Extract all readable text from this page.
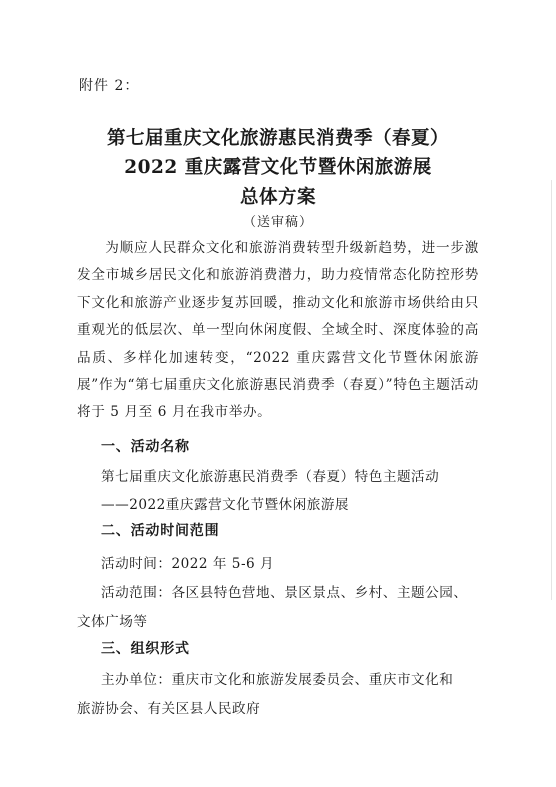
附件 2：
第七届重庆文化旅游惠民消费季（春夏）
2022 重庆露营文化节暨休闲旅游展
总体方案
（送审稿）

为顺应人民群众文化和旅游消费转型升级新趋势，进一步激发全市城乡居民文化和旅游消费潜力，助力疫情常态化防控形势下文化和旅游产业逐步复苏回暖，推动文化和旅游市场供给由只重观光的低层次、单一型向休闲度假、全域全时、深度体验的高品质、多样化加速转变，“2022 重庆露营文化节暨休闲旅游展”作为“第七届重庆文化旅游惠民消费季（春夏）”特色主题活动将于 5 月至 6 月在我市举办。

一、活动名称

第七届重庆文化旅游惠民消费季（春夏）特色主题活动

——2022重庆露营文化节暨休闲旅游展

二、活动时间范围

活动时间：2022 年 5-6 月

活动范围：各区县特色营地、景区景点、乡村、主题公园、

文体广场等

三、组织形式

主办单位：重庆市文化和旅游发展委员会、重庆市文化和

旅游协会、有关区县人民政府
